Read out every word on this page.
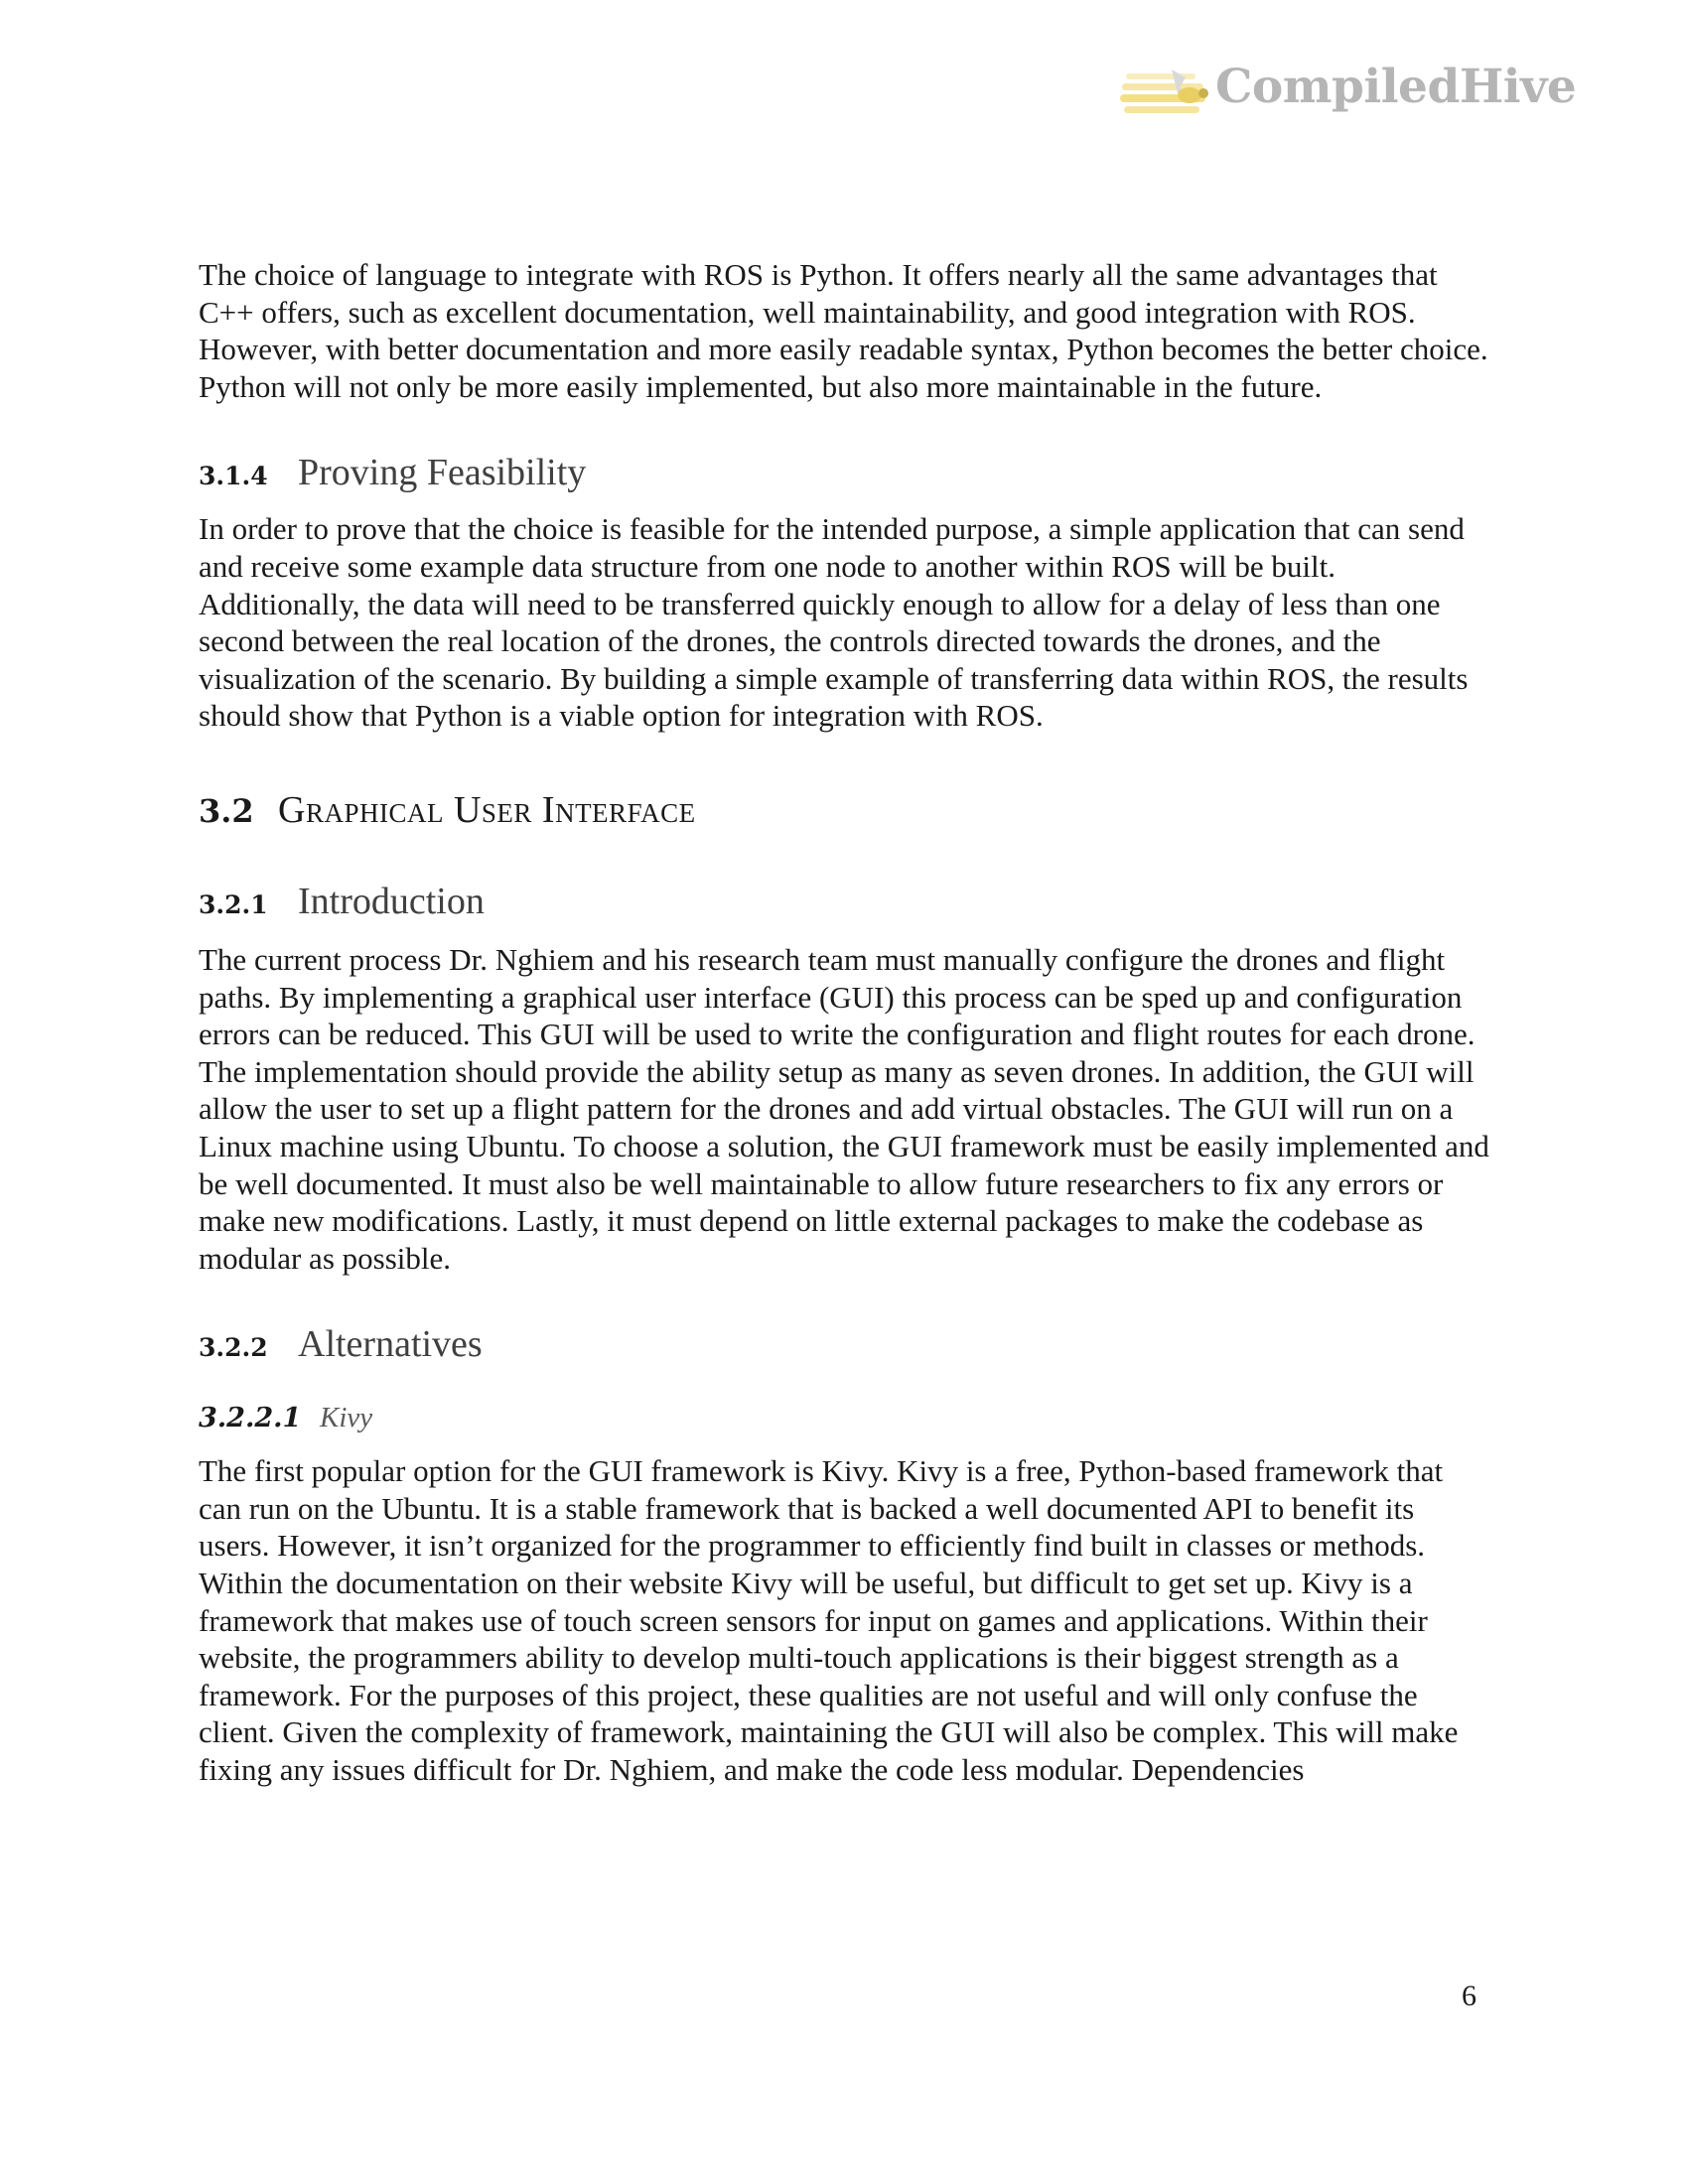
CompiledHive

The choice of language to integrate with ROS is Python. It offers nearly all the same advantages that C++ offers, such as excellent documentation, well maintainability, and good integration with ROS. However, with better documentation and more easily readable syntax, Python becomes the better choice. Python will not only be more easily implemented, but also more maintainable in the future.

3.1.4 Proving Feasibility

In order to prove that the choice is feasible for the intended purpose, a simple application that can send and receive some example data structure from one node to another within ROS will be built. Additionally, the data will need to be transferred quickly enough to allow for a delay of less than one second between the real location of the drones, the controls directed towards the drones, and the visualization of the scenario. By building a simple example of transferring data within ROS, the results should show that Python is a viable option for integration with ROS.

3.2 Graphical User Interface
3.2.1 Introduction

The current process Dr. Nghiem and his research team must manually configure the drones and flight paths. By implementing a graphical user interface (GUI) this process can be sped up and configuration errors can be reduced. This GUI will be used to write the configuration and flight routes for each drone. The implementation should provide the ability setup as many as seven drones. In addition, the GUI will allow the user to set up a flight pattern for the drones and add virtual obstacles. The GUI will run on a Linux machine using Ubuntu. To choose a solution, the GUI framework must be easily implemented and be well documented. It must also be well maintainable to allow future researchers to fix any errors or make new modifications. Lastly, it must depend on little external packages to make the codebase as modular as possible.

3.2.2 Alternatives
3.2.2.1 Kivy

The first popular option for the GUI framework is Kivy. Kivy is a free, Python-based framework that can run on the Ubuntu. It is a stable framework that is backed a well documented API to benefit its users. However, it isn’t organized for the programmer to efficiently find built in classes or methods. Within the documentation on their website Kivy will be useful, but difficult to get set up. Kivy is a framework that makes use of touch screen sensors for input on games and applications. Within their website, the programmers ability to develop multi-touch applications is their biggest strength as a framework. For the purposes of this project, these qualities are not useful and will only confuse the client. Given the complexity of framework, maintaining the GUI will also be complex. This will make fixing any issues difficult for Dr. Nghiem, and make the code less modular. Dependencies

6
